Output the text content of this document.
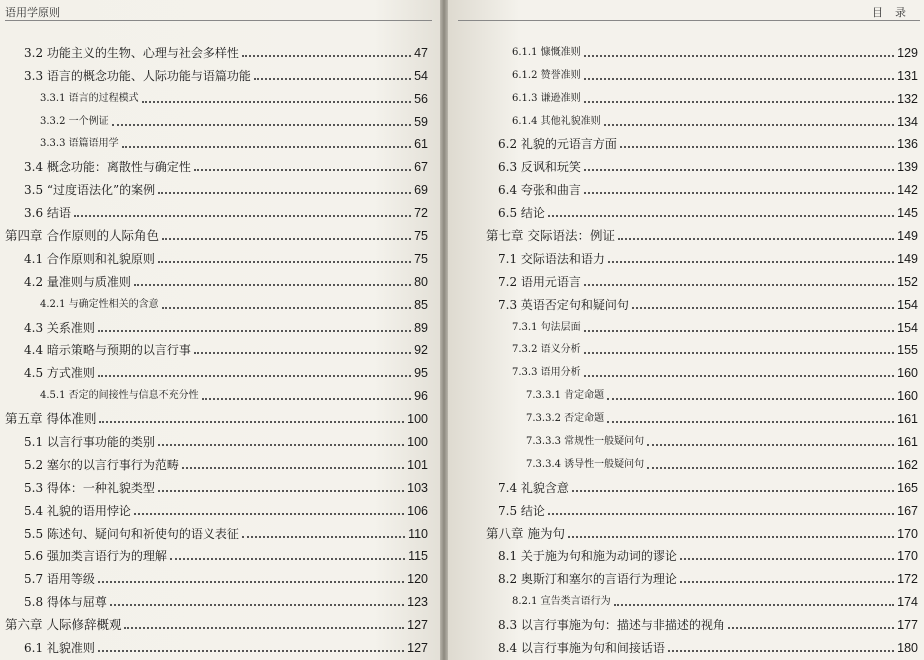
语用学原则
3.2 功能主义的生物、心理与社会多样性	47
3.3 语言的概念功能、人际功能与语篇功能	54
3.3.1 语言的过程模式	56
3.3.2 一个例证	59
3.3.3 语篇语用学	61
3.4 概念功能：离散性与确定性	67
3.5 “过度语法化”的案例	69
3.6 结语	72
第四章 合作原则的人际角色	75
4.1 合作原则和礼貌原则	75
4.2 量准则与质准则	80
4.2.1 与确定性相关的含意	85
4.3 关系准则	89
4.4 暗示策略与预期的以言行事	92
4.5 方式准则	95
4.5.1 否定的间接性与信息不充分性	96
第五章 得体准则	100
5.1 以言行事功能的类别	100
5.2 塞尔的以言行事行为范畴	101
5.3 得体：一种礼貌类型	103
5.4 礼貌的语用悖论	106
5.5 陈述句、疑问句和祈使句的语义表征	110
5.6 强加类言语行为的理解	115
5.7 语用等级	120
5.8 得体与屈尊	123
第六章 人际修辞概观	127
6.1 礼貌准则	127
目录
6.1.1 慷慨准则	129
6.1.2 赞誉准则	131
6.1.3 谦逊准则	132
6.1.4 其他礼貌准则	134
6.2 礼貌的元语言方面	136
6.3 反讽和玩笑	139
6.4 夸张和曲言	142
6.5 结论	145
第七章 交际语法：例证	149
7.1 交际语法和语力	149
7.2 语用元语言	152
7.3 英语否定句和疑问句	154
7.3.1 句法层面	154
7.3.2 语义分析	155
7.3.3 语用分析	160
7.3.3.1 肯定命题	160
7.3.3.2 否定命题	161
7.3.3.3 常规性一般疑问句	161
7.3.3.4 诱导性一般疑问句	162
7.4 礼貌含意	165
7.5 结论	167
第八章 施为句	170
8.1 关于施为句和施为动词的谬论	170
8.2 奥斯汀和塞尔的言语行为理论	172
8.2.1 宣告类言语行为	174
8.3 以言行事施为句：描述与非描述的视角	177
8.4 以言行事施为句和间接话语	180
